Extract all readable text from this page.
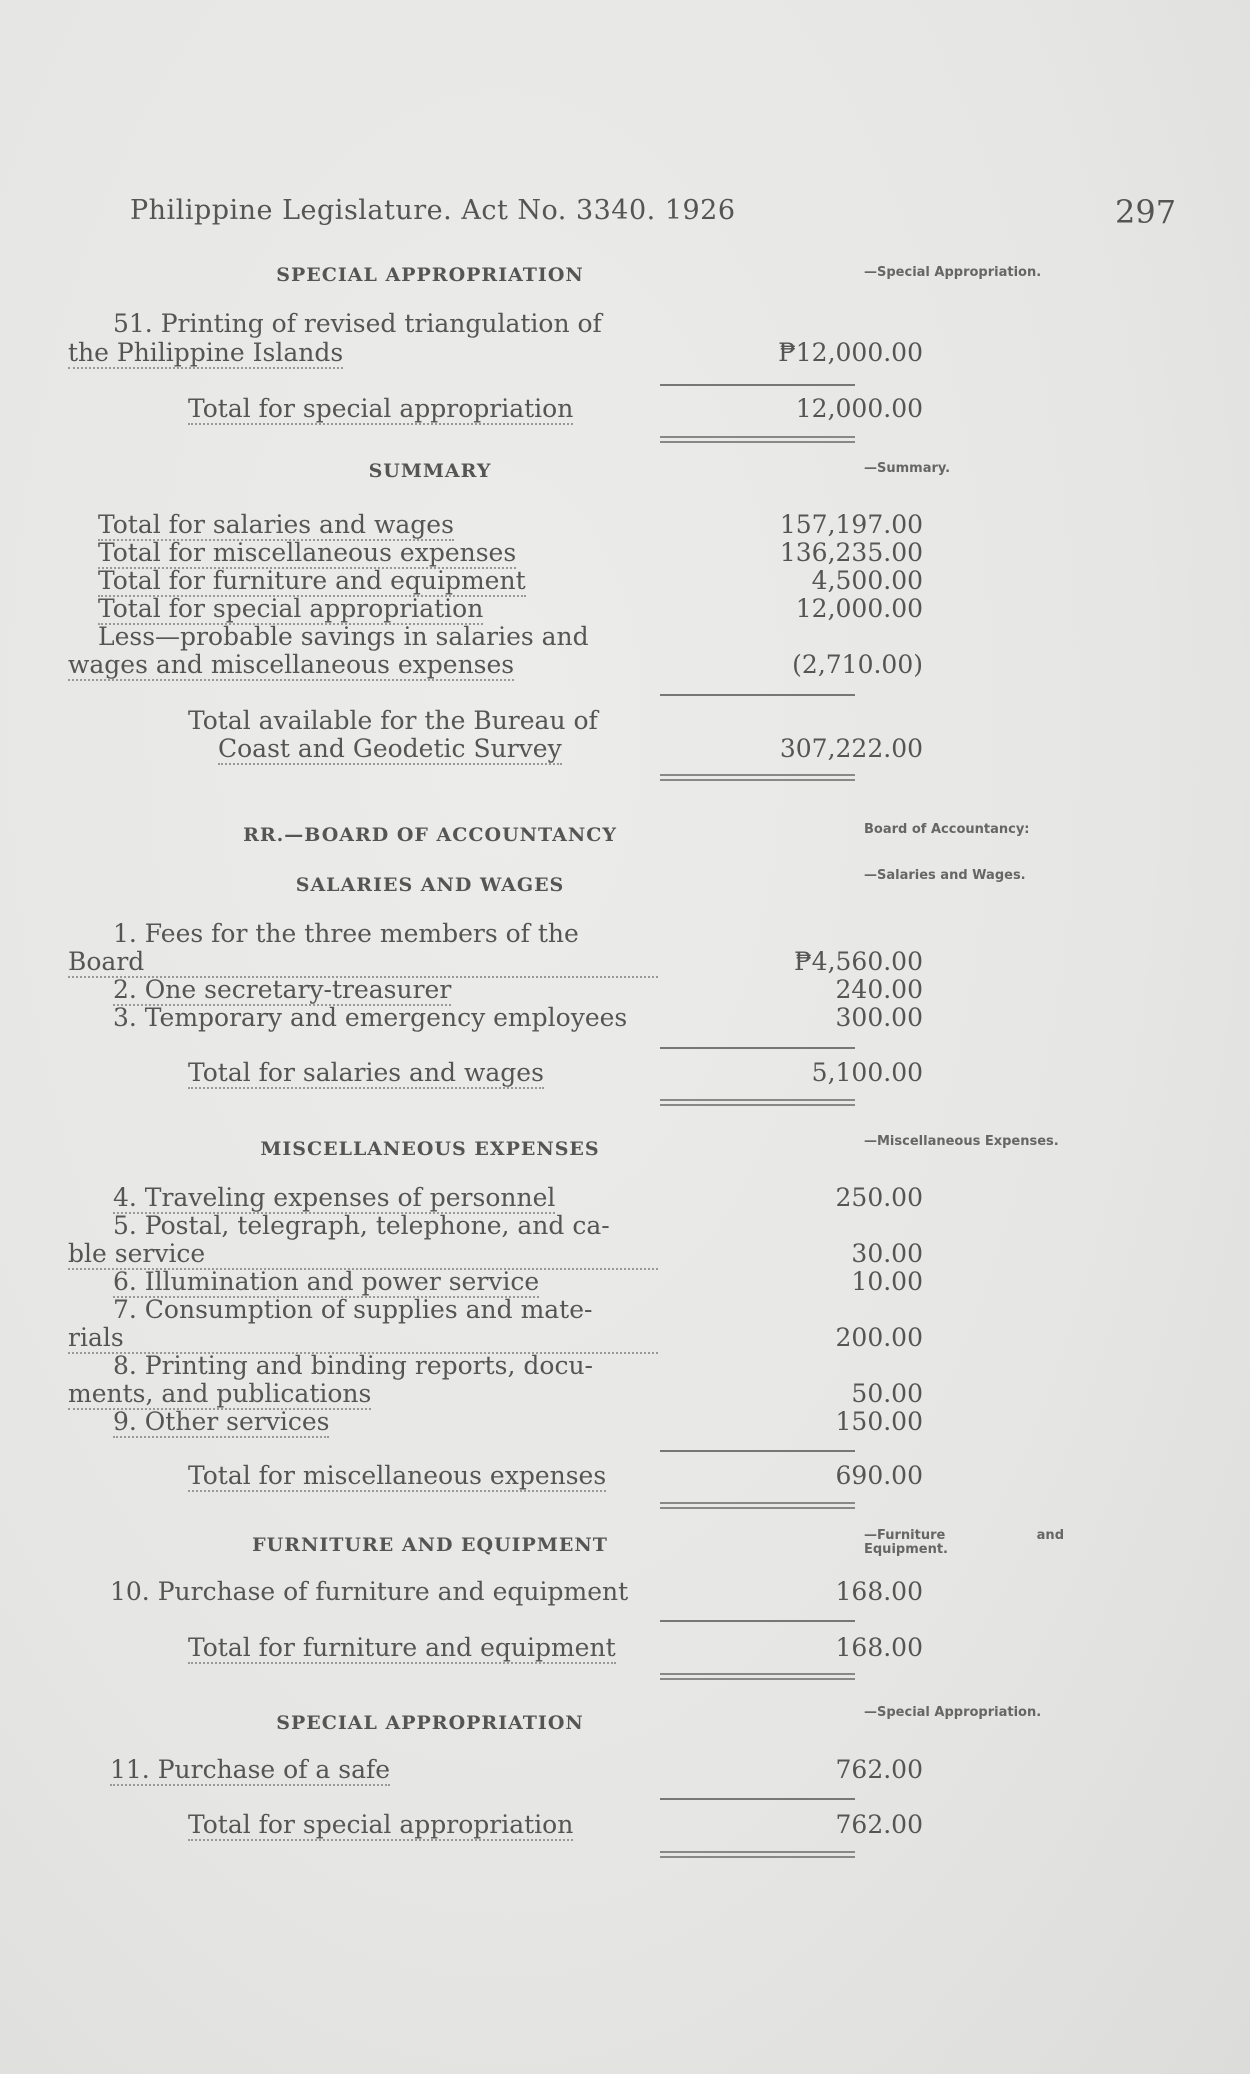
Philippine Legislature. Act No. 3340. 1926	297
SPECIAL APPROPRIATION	—Special Appropriation.
51. Printing of revised triangulation of
the Philippine Islands	₱12,000.00
Total for special appropriation	12,000.00
SUMMARY	—Summary.
Total for salaries and wages	157,197.00
Total for miscellaneous expenses	136,235.00
Total for furniture and equipment	4,500.00
Total for special appropriation	12,000.00
Less—probable savings in salaries and
wages and miscellaneous expenses	(2,710.00)
Total available for the Bureau of
Coast and Geodetic Survey	307,222.00
RR.—BOARD OF ACCOUNTANCY	Board of Accountancy:
SALARIES AND WAGES	—Salaries and Wages.
1. Fees for the three members of the
Board	₱4,560.00
2. One secretary-treasurer	240.00
3. Temporary and emergency employees	300.00
Total for salaries and wages	5,100.00
MISCELLANEOUS EXPENSES	—Miscellaneous Expenses.
4. Traveling expenses of personnel	250.00
5. Postal, telegraph, telephone, and ca-
ble service	30.00
6. Illumination and power service	10.00
7. Consumption of supplies and mate-
rials	200.00
8. Printing and binding reports, docu-
ments, and publications	50.00
9. Other services	150.00
Total for miscellaneous expenses	690.00
FURNITURE AND EQUIPMENT	—Furniture and Equipment.
10. Purchase of furniture and equipment	168.00
Total for furniture and equipment	168.00
SPECIAL APPROPRIATION	—Special Appropriation.
11. Purchase of a safe	762.00
Total for special appropriation	762.00
